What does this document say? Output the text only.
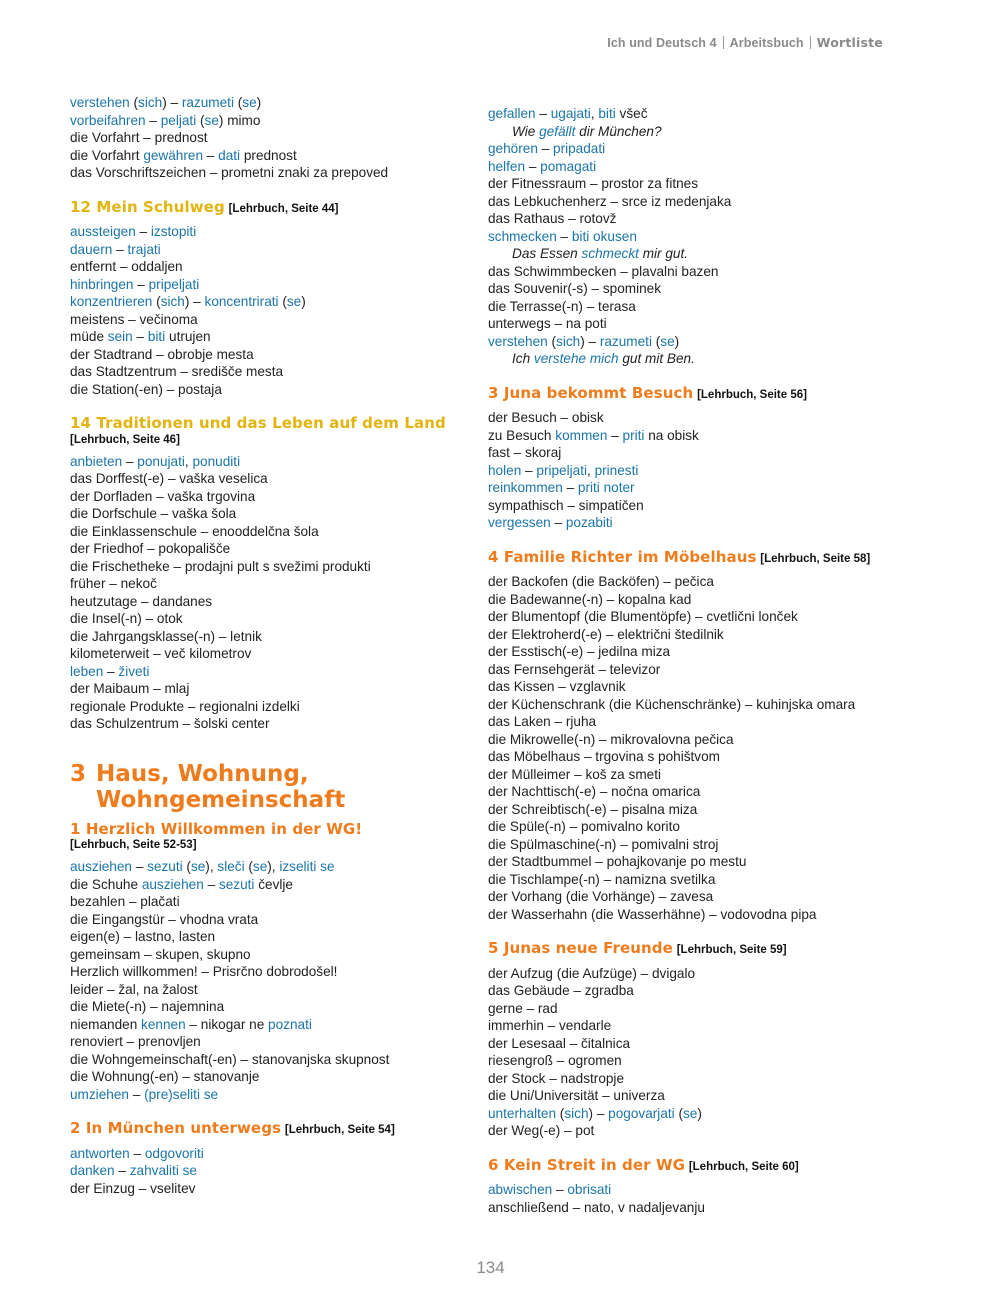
Ich und Deutsch 4 Arbeitsbuch Wortliste
verstehen (sich) – razumeti (se)
vorbeifahren – peljati (se) mimo
die Vorfahrt – prednost
die Vorfahrt gewähren – dati prednost
das Vorschriftszeichen – prometni znaki za prepoved
12 Mein Schulweg [Lehrbuch, Seite 44]
aussteigen – izstopiti
dauern – trajati
entfernt – oddaljen
hinbringen – pripeljati
konzentrieren (sich) – koncentrirati (se)
meistens – večinoma
müde sein – biti utrujen
der Stadtrand – obrobje mesta
das Stadtzentrum – središče mesta
die Station(-en) – postaja
14 Traditionen und das Leben auf dem Land
[Lehrbuch, Seite 46]
anbieten – ponujati, ponuditi
das Dorffest(-e) – vaška veselica
der Dorfladen – vaška trgovina
die Dorfschule – vaška šola
die Einklassenschule – enooddelčna šola
der Friedhof – pokopališče
die Frischetheke – prodajni pult s svežimi produkti
früher – nekoč
heutzutage – dandanes
die Insel(-n) – otok
die Jahrgangsklasse(-n) – letnik
kilometerweit – več kilometrov
leben – živeti
der Maibaum – mlaj
regionale Produkte – regionalni izdelki
das Schulzentrum – šolski center
3 Haus, Wohnung,
Wohngemeinschaft
1 Herzlich Willkommen in der WG!
[Lehrbuch, Seite 52-53]
ausziehen – sezuti (se), sleči (se), izseliti se
die Schuhe ausziehen – sezuti čevlje
bezahlen – plačati
die Eingangstür – vhodna vrata
eigen(e) – lastno, lasten
gemeinsam – skupen, skupno
Herzlich willkommen! – Prisrčno dobrodošel!
leider – žal, na žalost
die Miete(-n) – najemnina
niemanden kennen – nikogar ne poznati
renoviert – prenovljen
die Wohngemeinschaft(-en) – stanovanjska skupnost
die Wohnung(-en) – stanovanje
umziehen – (pre)seliti se
2 In München unterwegs [Lehrbuch, Seite 54]
antworten – odgovoriti
danken – zahvaliti se
der Einzug – vselitev
gefallen – ugajati, biti všeč
Wie gefällt dir München?
gehören – pripadati
helfen – pomagati
der Fitnessraum – prostor za fitnes
das Lebkuchenherz – srce iz medenjaka
das Rathaus – rotovž
schmecken – biti okusen
Das Essen schmeckt mir gut.
das Schwimmbecken – plavalni bazen
das Souvenir(-s) – spominek
die Terrasse(-n) – terasa
unterwegs – na poti
verstehen (sich) – razumeti (se)
Ich verstehe mich gut mit Ben.
3 Juna bekommt Besuch [Lehrbuch, Seite 56]
der Besuch – obisk
zu Besuch kommen – priti na obisk
fast – skoraj
holen – pripeljati, prinesti
reinkommen – priti noter
sympathisch – simpatičen
vergessen – pozabiti
4 Familie Richter im Möbelhaus [Lehrbuch, Seite 58]
der Backofen (die Backöfen) – pečica
die Badewanne(-n) – kopalna kad
der Blumentopf (die Blumentöpfe) – cvetlični lonček
der Elektroherd(-e) – električni štedilnik
der Esstisch(-e) – jedilna miza
das Fernsehgerät – televizor
das Kissen – vzglavnik
der Küchenschrank (die Küchenschränke) – kuhinjska omara
das Laken – rjuha
die Mikrowelle(-n) – mikrovalovna pečica
das Möbelhaus – trgovina s pohištvom
der Mülleimer – koš za smeti
der Nachttisch(-e) – nočna omarica
der Schreibtisch(-e) – pisalna miza
die Spüle(-n) – pomivalno korito
die Spülmaschine(-n) – pomivalni stroj
der Stadtbummel – pohajkovanje po mestu
die Tischlampe(-n) – namizna svetilka
der Vorhang (die Vorhänge) – zavesa
der Wasserhahn (die Wasserhähne) – vodovodna pipa
5 Junas neue Freunde [Lehrbuch, Seite 59]
der Aufzug (die Aufzüge) – dvigalo
das Gebäude – zgradba
gerne – rad
immerhin – vendarle
der Lesesaal – čitalnica
riesengroß – ogromen
der Stock – nadstropje
die Uni/Universität – univerza
unterhalten (sich) – pogovarjati (se)
der Weg(-e) – pot
6 Kein Streit in der WG [Lehrbuch, Seite 60]
abwischen – obrisati
anschließend – nato, v nadaljevanju
134
